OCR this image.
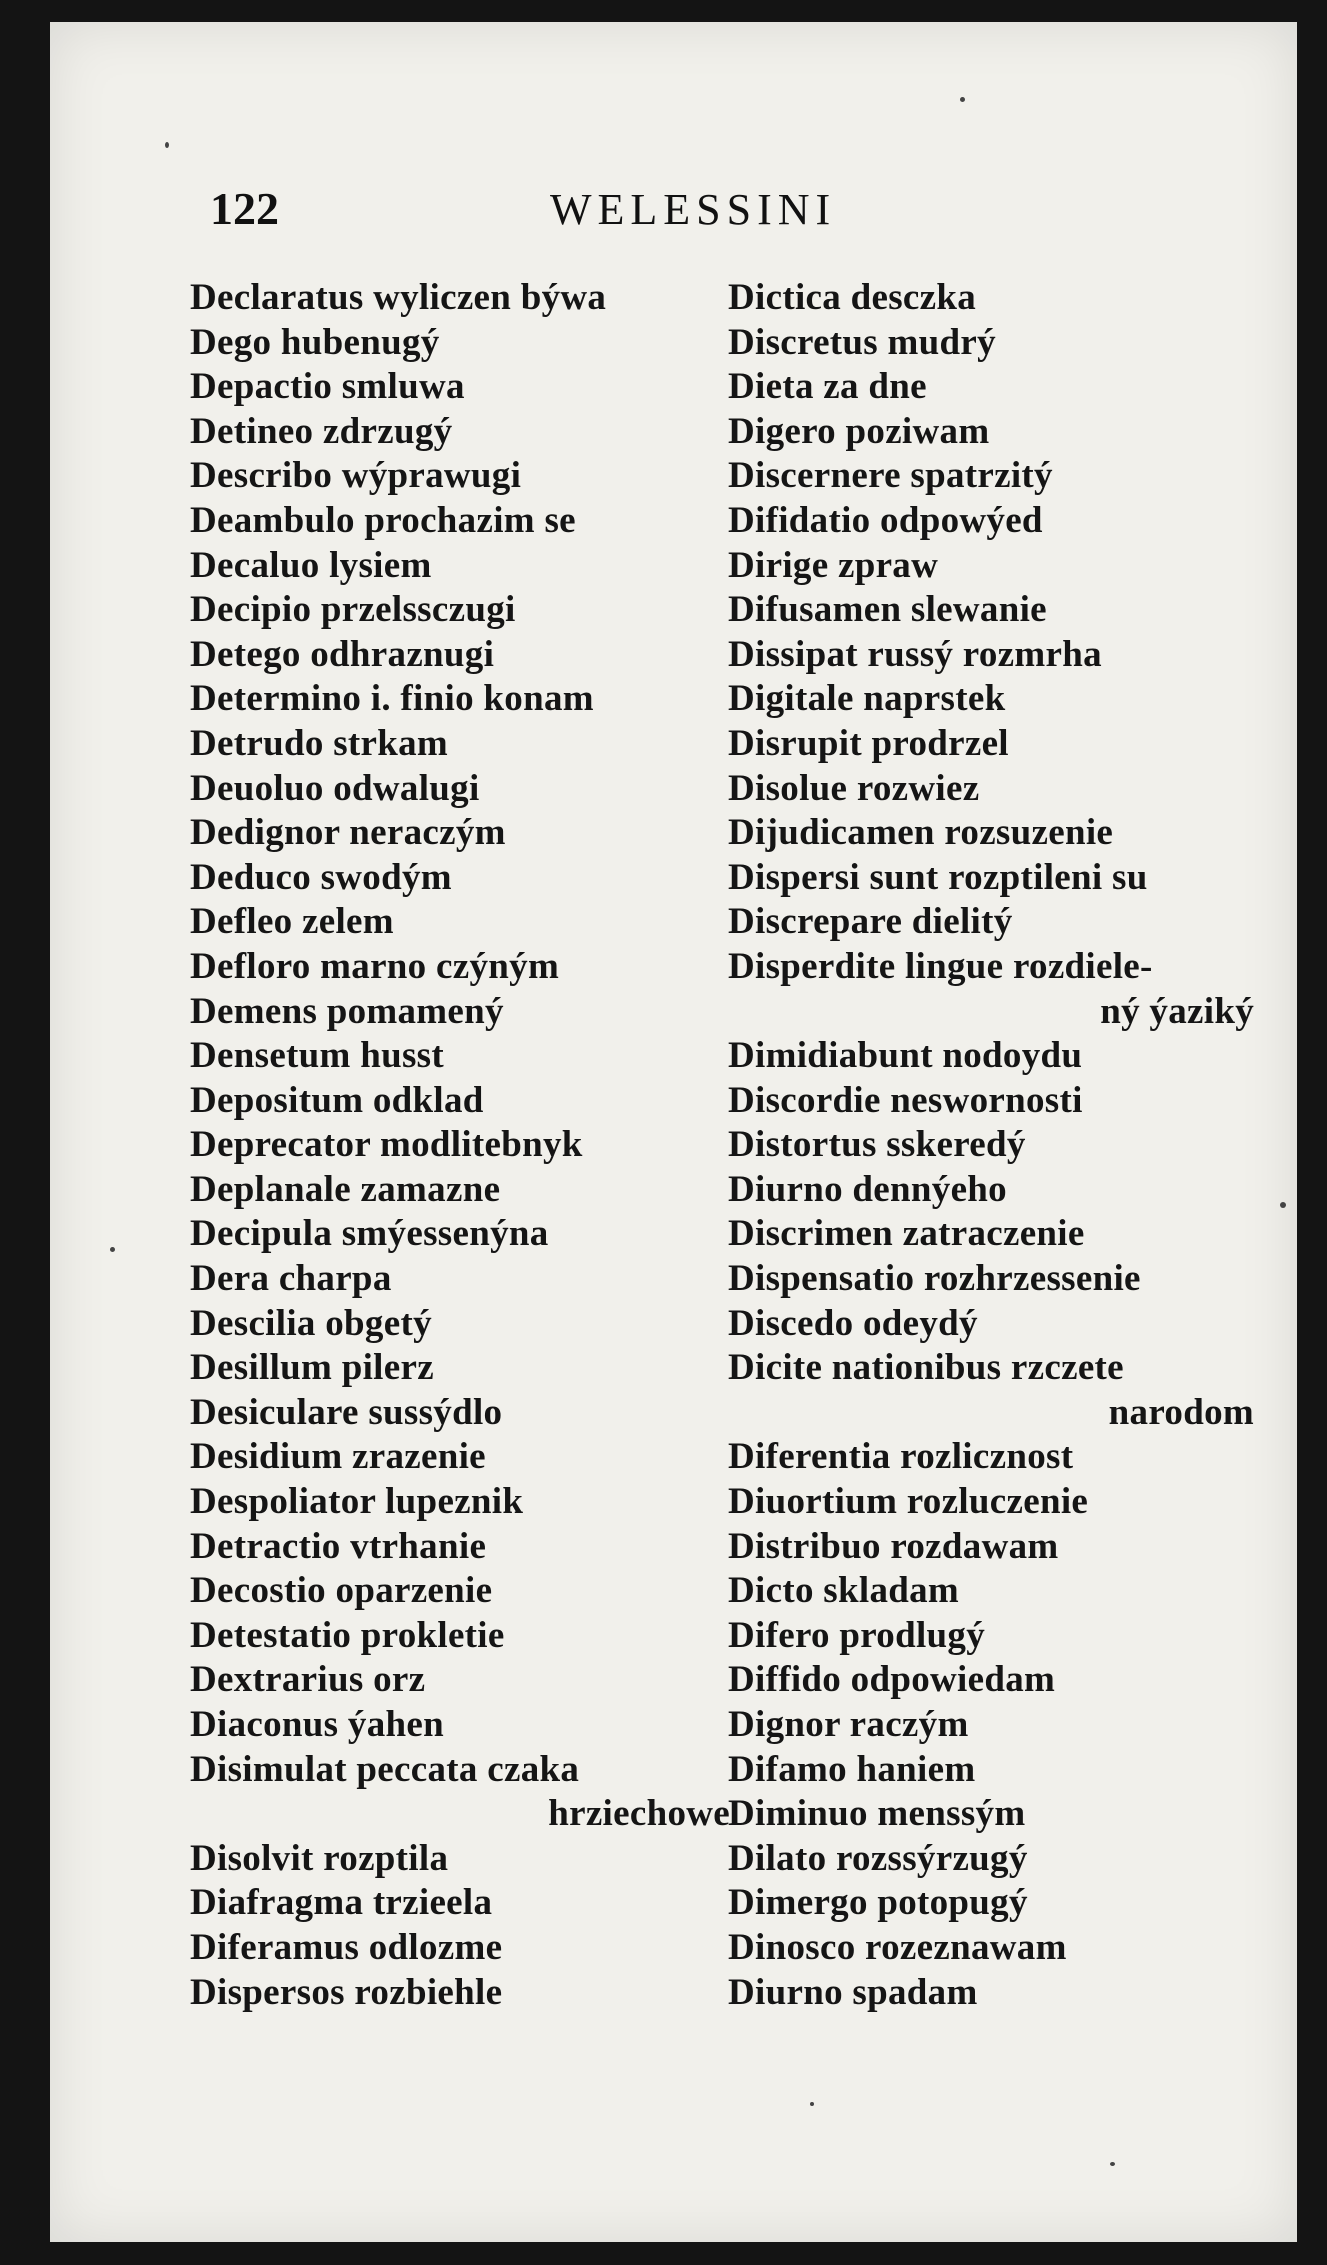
122	WELESSINI
Declaratus wyliczen býwa
Dego hubenugý
Depactio smluwa
Detineo zdrzugý
Describo wýprawugi
Deambulo prochazim se
Decaluo lysiem
Decipio przelssczugi
Detego odhraznugi
Determino i. finio konam
Detrudo strkam
Deuoluo odwalugi
Dedignor neraczým
Deduco swodým
Defleo zelem
Defloro marno czýným
Demens pomamený
Densetum husst
Depositum odklad
Deprecator modlitebnyk
Deplanale zamazne
Decipula smýessenýna
Dera charpa
Descilia obgetý
Desillum pilerz
Desiculare sussýdlo
Desidium zrazenie
Despoliator lupeznik
Detractio vtrhanie
Decostio oparzenie
Detestatio prokletie
Dextrarius orz
Diaconus ýahen
Disimulat peccata czaka
hrziechowe
Disolvit rozptila
Diafragma trzieela
Diferamus odlozme
Dispersos rozbiehle
Dictica desczka
Discretus mudrý
Dieta za dne
Digero poziwam
Discernere spatrzitý
Difidatio odpowýed
Dirige zpraw
Difusamen slewanie
Dissipat russý rozmrha
Digitale naprstek
Disrupit prodrzel
Disolue rozwiez
Dijudicamen rozsuzenie
Dispersi sunt rozptileni su
Discrepare dielitý
Disperdite lingue rozdiele-
ný ýaziký
Dimidiabunt nodoydu
Discordie neswornosti
Distortus sskeredý
Diurno dennýeho
Discrimen zatraczenie
Dispensatio rozhrzessenie
Discedo odeydý
Dicite nationibus rzczete
narodom
Diferentia rozlicznost
Diuortium rozluczenie
Distribuo rozdawam
Dicto skladam
Difero prodlugý
Diffido odpowiedam
Dignor raczým
Difamo haniem
Diminuo menssým
Dilato rozssýrzugý
Dimergo potopugý
Dinosco rozeznawam
Diurno spadam
